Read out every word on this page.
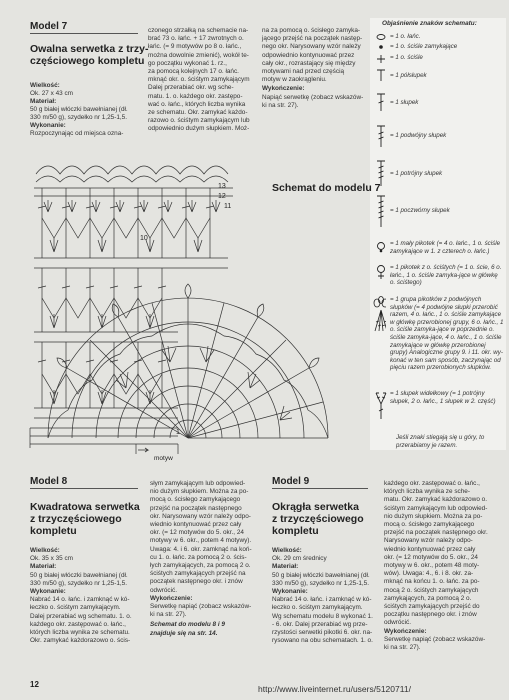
Model 7
Owalna serwetka z trzy-
częściowego kompletu
Wielkość:
Ok. 27 x 43 cm
Materiał:
50 g białej włóczki bawełnianej (dł.
330 m/50 g), szydełko nr 1,25-1,5.
Wykonanie:
Rozpoczynając od miejsca ozna-
czonego strzałką na schemacie na-
brać 73 o. łańc. + 17 zwrotnych o.
łańc. (= 9 motywów po 8 o. łańc.,
można dowolnie zmienić), wokół te-
go początku wykonać 1. rz.,
za pomocą kolejnych 17 o. łańc.
mknąć okr. o. ściśtym zamykającym
Dalej przerabiać okr. wg sche-
matu. 1. o. każdego okr. zastępo-
wać o. łańc., których liczba wynika
ze schematu. Okr. zamykać każdo-
razowo o. ściśtym zamykającym lub
odpowiednio dużym słupkiem. Moż-
na za pomocą o. ścisłego zamyka-
jącego przejść na początek następ-
nego okr. Narysowany wzór należy
odpowiednio kontynuować przez
cały okr., rozrastający się między
motywami nad przed częścią
motyw w zaokrągleniu.
Wykończenie:
Napiąć serwetkę (zobacz wskazów-
ki na str. 27).
Objaśnienie znaków schematu:
= 1 o. łańc.
= 1 o. ściśle zamykające
= 1 o. ściśle
= 1 półsłupek
= 1 słupek
= 1 podwójny słupek
= 1 potrójny słupek
= 1 poczwórny słupek
= 1 mały pikotek (= 4 o. łańc., 1 o. ściśle zamykające w 1. z czterech o. łańc.)
= 1 pikotek z o. ściśtych (= 1 o. ście, 6 o. łańc., 1 o. ściśle zamyka-jące w główkę o. ściśtego)
= 1 grupa pikotków z podwójnych słupków (= 4 podwójne słupki przerobić razem, 4 o. łańc., 1 o. ściśle zamykające w główkę przerobionej grupy, 6 o. łańc., 1 o. ściśle zamyka-jące w poprzednie o. ściśle zamyka-jące, 4 o. łańc., 1 o. ściśle zamykające w główkę przerobionej grupy) Analogiczne grupy 9. i 11. okr. wy-konać w ten sam sposób, zaczynając od pięciu razem przerobionych słupków.
= 1 słupek widełkowy (= 1 potrójny słupek, 2 o. łańc., 1 słupek w 2. część)
Jeśli znaki stiegają się u góry, to
przerabiamy je razem.
Schemat do modelu 7
13
12
11
10
1
motyw
Model 8
Kwadratowa serwetka
z trzyczęściowego
kompletu
Wielkość:
Ok. 35 x 35 cm
Materiał:
50 g białej włóczki bawełnianej (dł.
330 m/50 g), szydełko nr 1,25-1,5.
Wykonanie:
Nabrać 14 o. łańc. i zamknąć w kó-
łeczko o. ściśtym zamykającym.
Dalej przerabiać wg schematu. 1. o.
każdego okr. zastępować o. łańc.,
których liczba wynika ze schematu.
Okr. zamykać każdorazowo o. ścis-
słym zamykającym lub odpowied-
nio dużym słupkiem. Można za po-
mocą o. ścisłego zamykającego
przejść na początek następnego
okr. Narysowany wzór należy odpo-
wiednio kontynuować przez cały
okr. (= 12 motywów do 5. okr., 24
motywy w 6. okr., potem 4 motywy).
Uwaga: 4. i 6. okr. zamknąć na koń-
cu 1. o. łańc. za pomocą 2 o. ścis-
łych zamykających, za pomocą 2 o.
ściśtych zamykających przejść na
początek następnego okr. i znów
odwrócić.
Wykończenie:
Serwetkę napiąć (zobacz wskazów-
ki na str. 27).
Schemat do modelu 8 i 9
znajduje się na str. 14.
Model 9
Okrągła serwetka
z trzyczęściowego
kompletu
Wielkość:
Ok. 29 cm średnicy
Materiał:
50 g białej włóczki bawełnianej (dł.
330 m/50 g), szydełko nr 1,25-1,5.
Wykonanie:
Nabrać 14 o. łańc. i zamknąć w kó-
łeczko o. ściśtym zamykającym.
Wg schematu modelu 8 wykonać 1.
- 6. okr. Dalej przerabiać wg prze-
rzystości serwetki pikotki 6. okr. na-
rysowano na obu schematach. 1. o.
każdego okr. zastępować o. łańc.,
których liczba wynika ze sche-
matu. Okr. zamykać każdorazowo o.
ściśtym zamykającym lub odpowied-
nio dużym słupkiem. Można za po-
mocą o. ścisłego zamykającego
przejść na początek następnego okr.
Narysowany wzór należy odpo-
wiednio kontynuować przez cały
okr. (= 12 motywów do 5. okr., 24
motywy w 6. okr., potem 48 moty-
wów). Uwaga: 4., 6. i 8. okr. za-
mknąć na końcu 1. o. łańc. za po-
mocą 2 o. ściśtych zamykających
zamykających, za pomocą 2 o.
ściśtych zamykających przejść do
początku następnego okr. i znów
odwrócić.
Wykończenie:
Serwetkę napiąć (zobacz wskazów-
ki na str. 27).
12	http://www.liveinternet.ru/users/5120711/
